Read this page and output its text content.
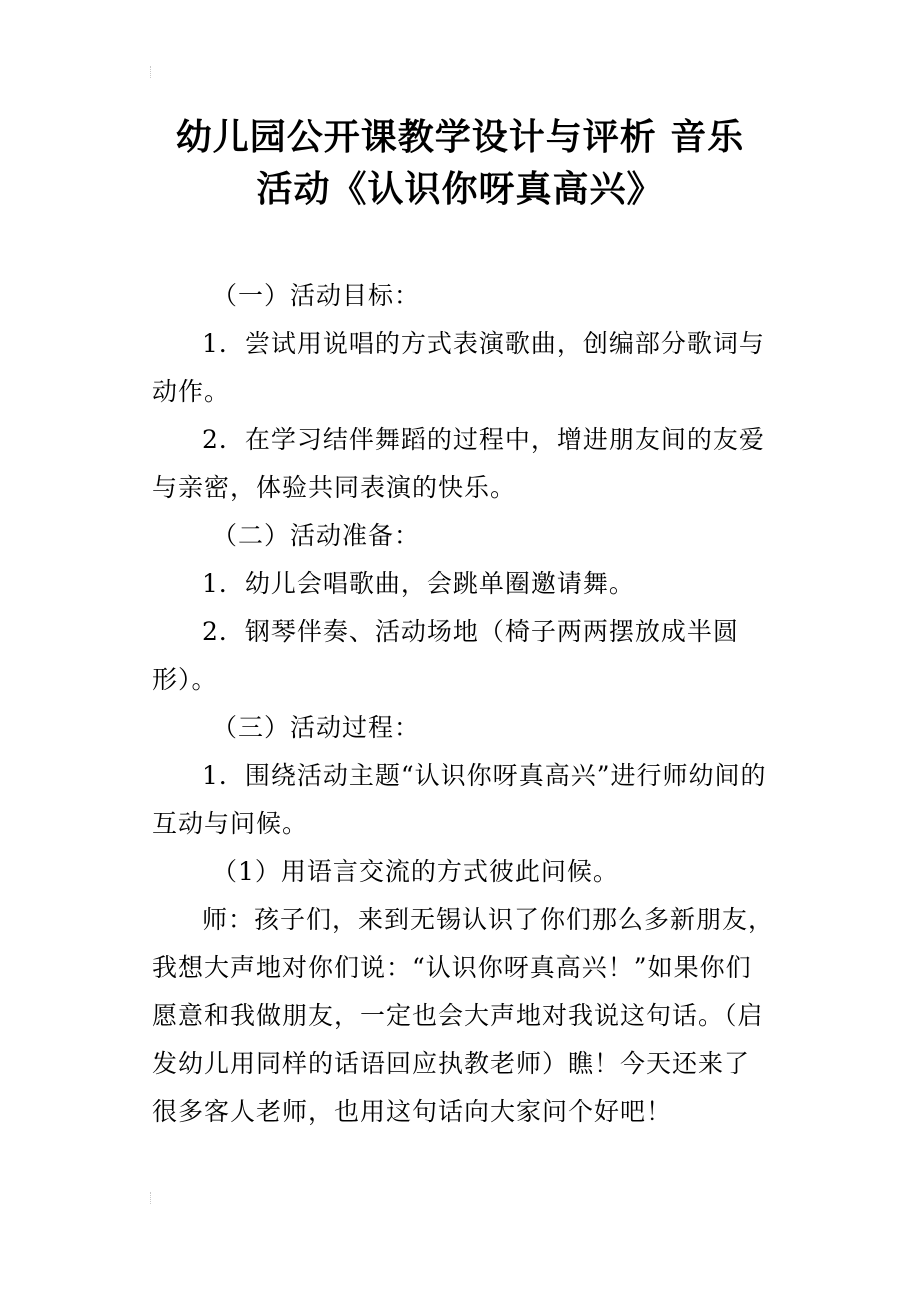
幼儿园公开课教学设计与评析 音乐
活动《认识你呀真高兴》

（一）活动目标：

1．尝试用说唱的方式表演歌曲，创编部分歌词与动作。

2．在学习结伴舞蹈的过程中，增进朋友间的友爱与亲密，体验共同表演的快乐。

（二）活动准备：

1．幼儿会唱歌曲，会跳单圈邀请舞。

2．钢琴伴奏、活动场地（椅子两两摆放成半圆形）。

（三）活动过程：

1．围绕活动主题“认识你呀真高兴”进行师幼间的互动与问候。

（1）用语言交流的方式彼此问候。

师：孩子们，来到无锡认识了你们那么多新朋友，我想大声地对你们说：“认识你呀真高兴！”如果你们愿意和我做朋友，一定也会大声地对我说这句话。（启发幼儿用同样的话语回应执教老师）瞧！今天还来了很多客人老师，也用这句话向大家问个好吧！
